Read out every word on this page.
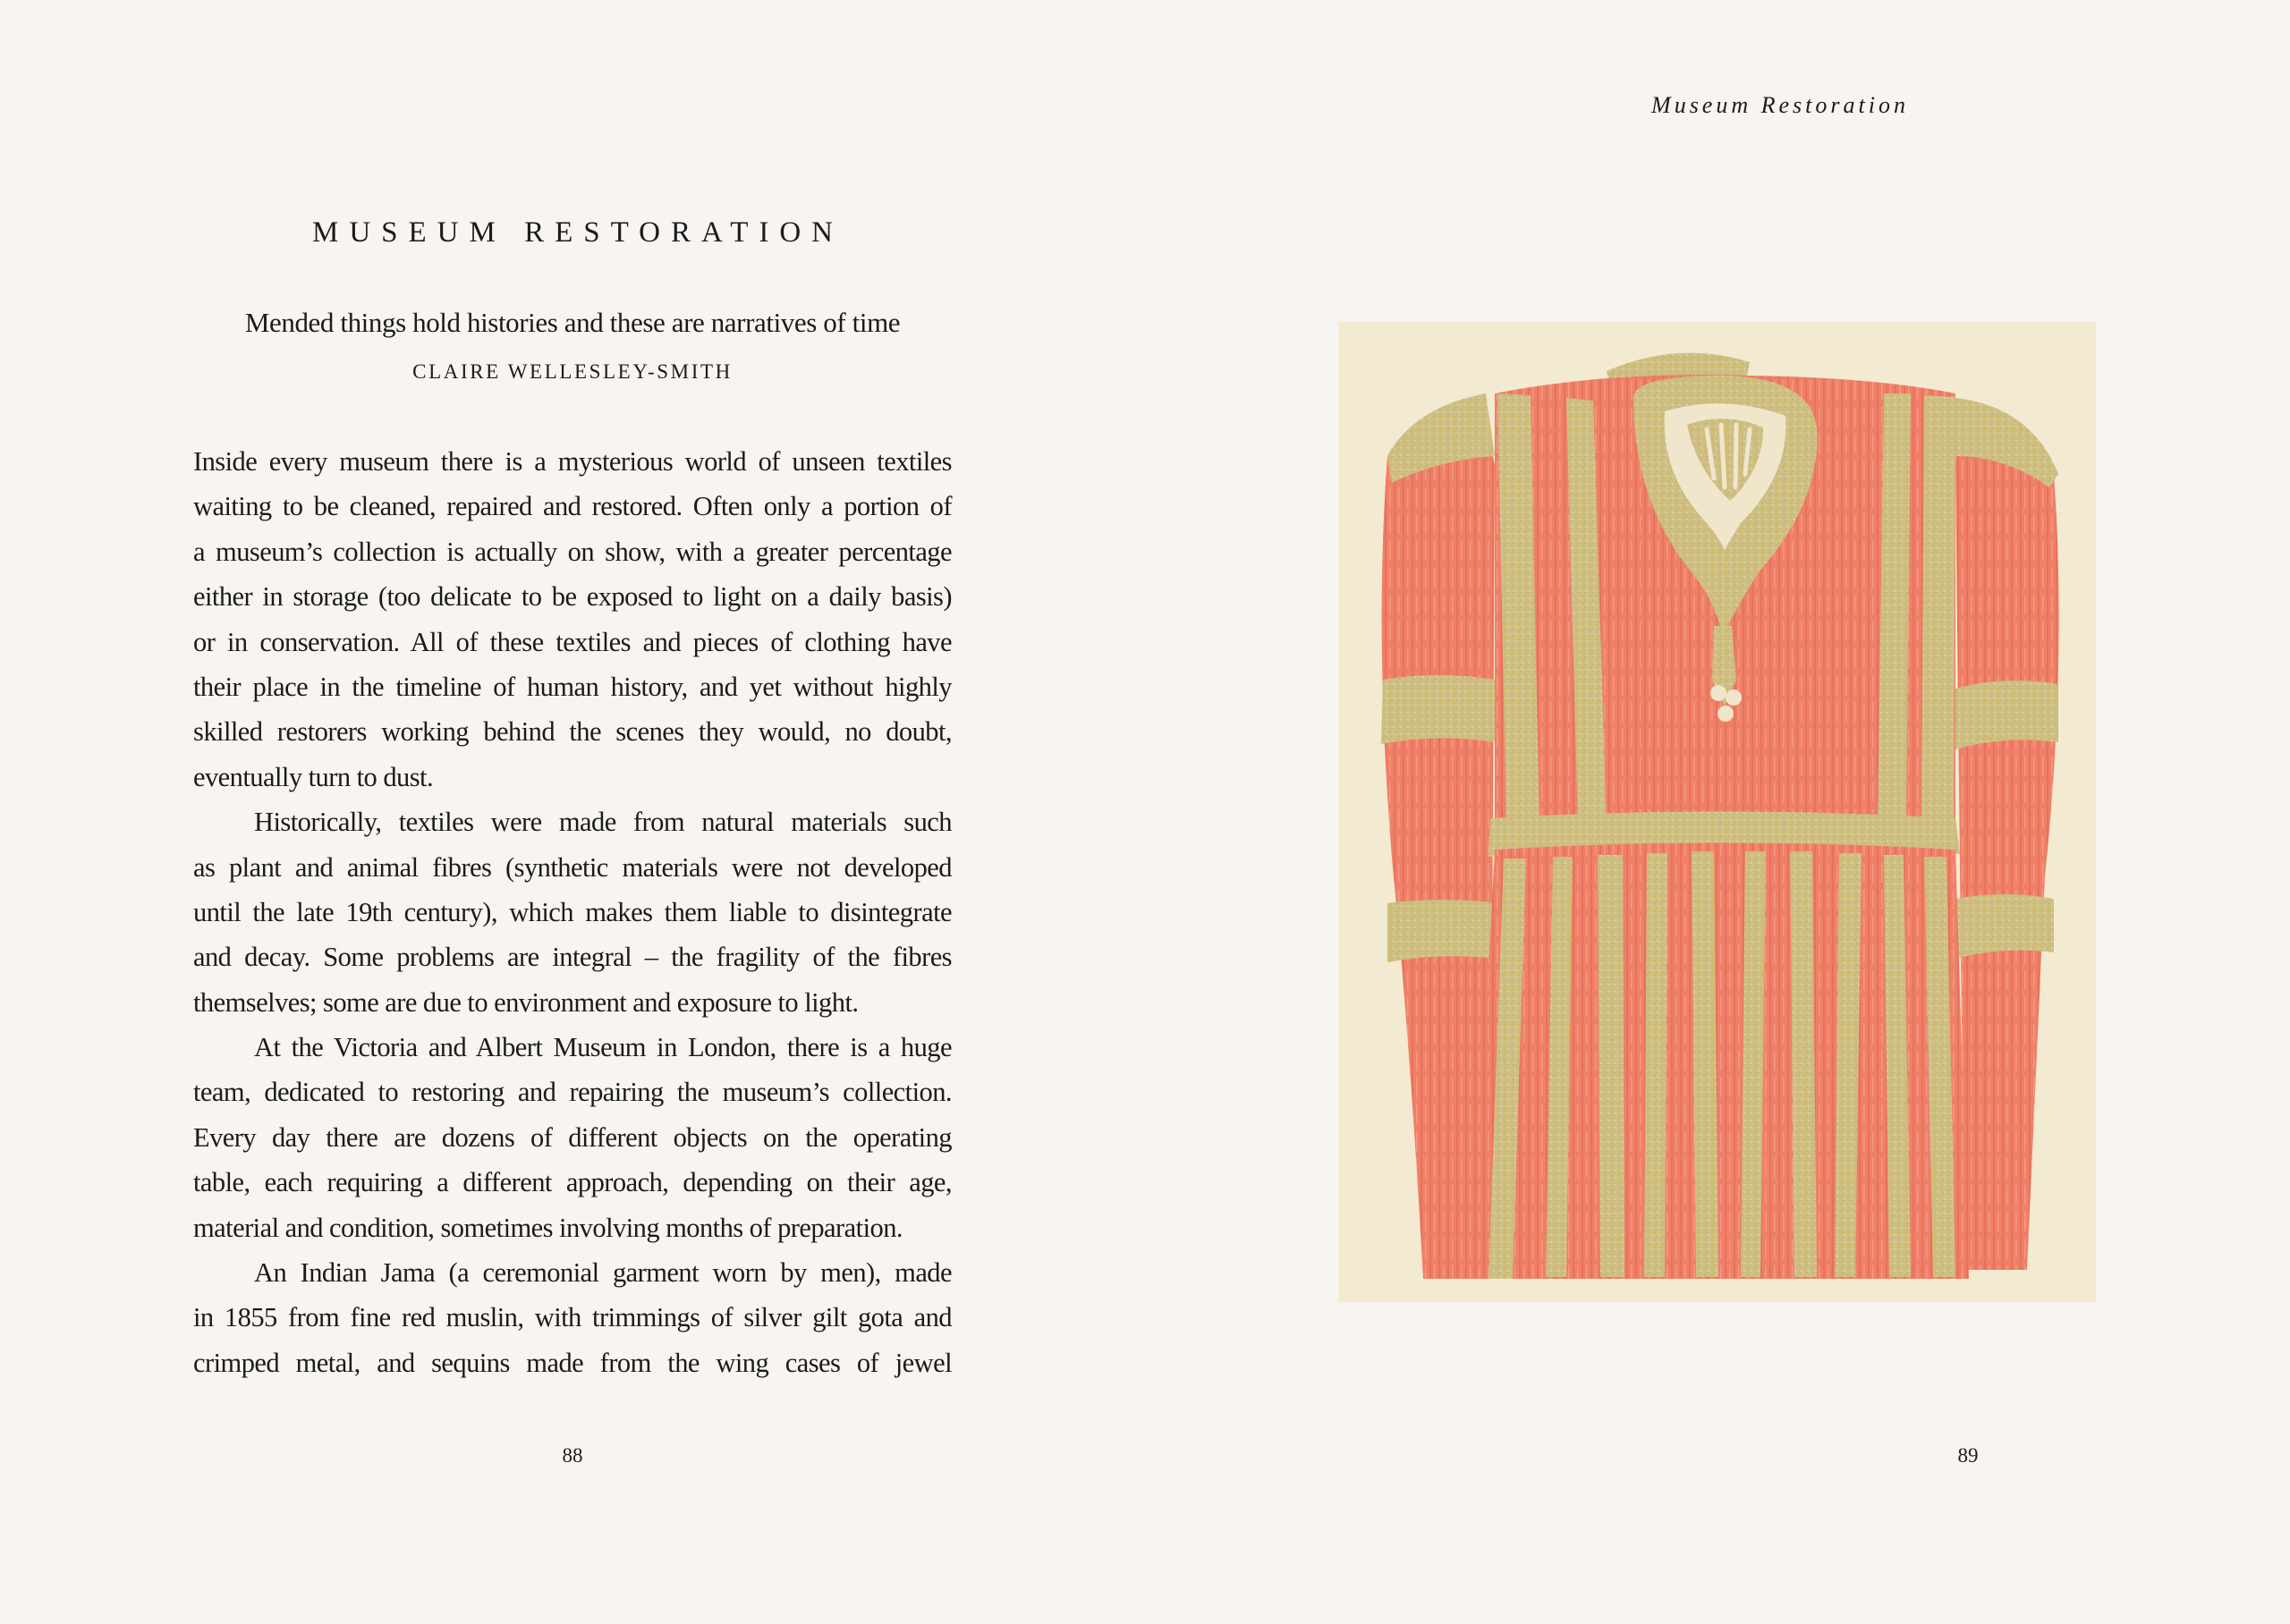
MUSEUM RESTORATION
Mended things hold histories and these are narratives of time
CLAIRE WELLESLEY-SMITH
Inside every museum there is a mysterious world of unseen textiles
waiting to be cleaned, repaired and restored. Often only a portion of
a museum’s collection is actually on show, with a greater percentage
either in storage (too delicate to be exposed to light on a daily basis)
or in conservation. All of these textiles and pieces of clothing have
their place in the timeline of human history, and yet without highly
skilled restorers working behind the scenes they would, no doubt,
eventually turn to dust.
Historically, textiles were made from natural materials such
as plant and animal fibres (synthetic materials were not developed
until the late 19th century), which makes them liable to disintegrate
and decay. Some problems are integral – the fragility of the fibres
themselves; some are due to environment and exposure to light.
At the Victoria and Albert Museum in London, there is a huge
team, dedicated to restoring and repairing the museum’s collection.
Every day there are dozens of different objects on the operating
table, each requiring a different approach, depending on their age,
material and condition, sometimes involving months of preparation.
An Indian Jama (a ceremonial garment worn by men), made
in 1855 from fine red muslin, with trimmings of silver gilt gota and
crimped metal, and sequins made from the wing cases of jewel
88
Museum Restoration
89
